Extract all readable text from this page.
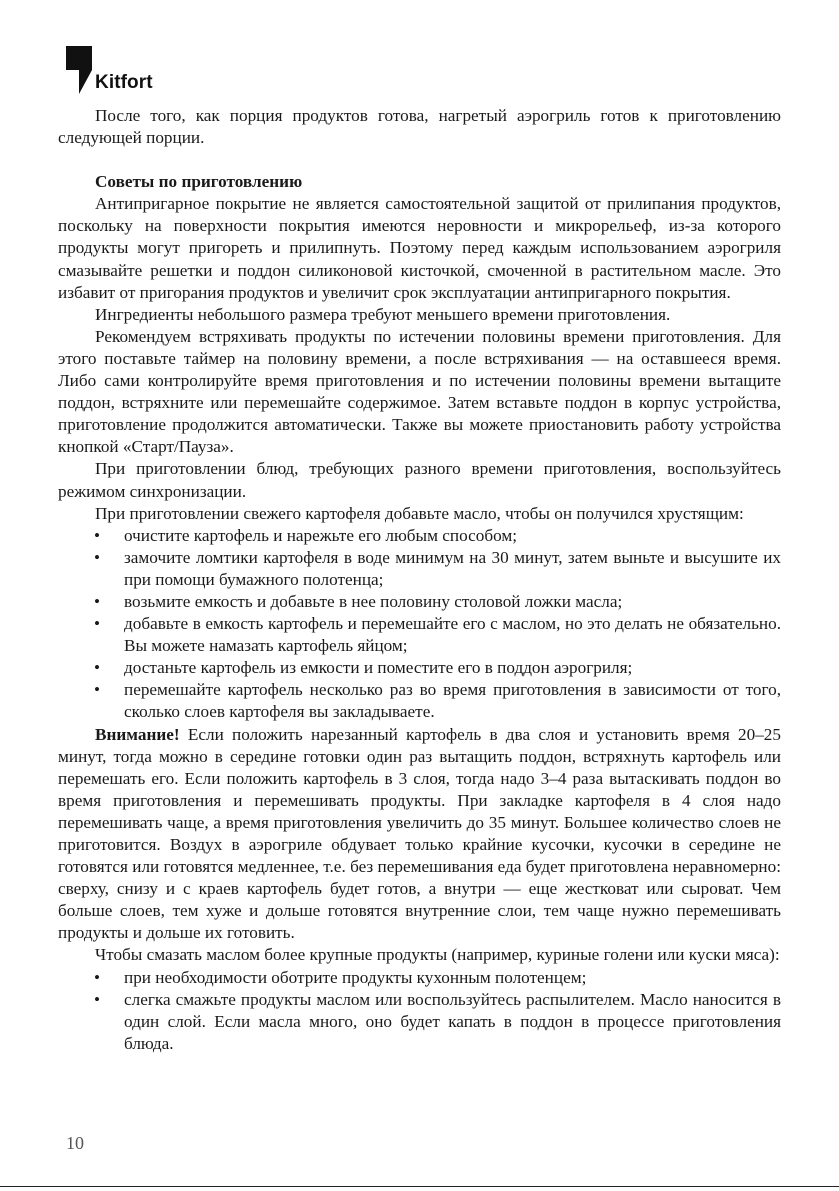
Kitfort

После того, как порция продуктов готова, нагретый аэрогриль готов к приготовлению следующей порции.

Советы по приготовлению

Антипригарное покрытие не является самостоятельной защитой от прилипания продуктов, поскольку на поверхности покрытия имеются неровности и микрорельеф, из-за которого продукты могут пригореть и прилипнуть. Поэтому перед каждым использованием аэрогриля смазывайте решетки и поддон силиконовой кисточкой, смоченной в растительном масле. Это избавит от пригорания продуктов и увеличит срок эксплуатации антипригарного покрытия.

Ингредиенты небольшого размера требуют меньшего времени приготовления.

Рекомендуем встряхивать продукты по истечении половины времени приготовления. Для этого поставьте таймер на половину времени, а после встряхивания — на оставшееся время. Либо сами контролируйте время приготовления и по истечении половины времени вытащите поддон, встряхните или перемешайте содержимое. Затем вставьте поддон в корпус устройства, приготовление продолжится автоматически. Также вы можете приостановить работу устройства кнопкой «Старт/Пауза».

При приготовлении блюд, требующих разного времени приготовления, воспользуйтесь режимом синхронизации.

При приготовлении свежего картофеля добавьте масло, чтобы он получился хрустящим:

• очистите картофель и нарежьте его любым способом;
• замочите ломтики картофеля в воде минимум на 30 минут, затем выньте и высушите их при помощи бумажного полотенца;
• возьмите емкость и добавьте в нее половину столовой ложки масла;
• добавьте в емкость картофель и перемешайте его с маслом, но это делать не обязательно. Вы можете намазать картофель яйцом;
• достаньте картофель из емкости и поместите его в поддон аэрогриля;
• перемешайте картофель несколько раз во время приготовления в зависимости от того, сколько слоев картофеля вы закладываете.

Внимание! Если положить нарезанный картофель в два слоя и установить время 20–25 минут, тогда можно в середине готовки один раз вытащить поддон, встряхнуть картофель или перемешать его. Если положить картофель в 3 слоя, тогда надо 3–4 раза вытаскивать поддон во время приготовления и перемешивать продукты. При закладке картофеля в 4 слоя надо перемешивать чаще, а время приготовления увеличить до 35 минут. Большее количество слоев не приготовится. Воздух в аэрогриле обдувает только крайние кусочки, кусочки в середине не готовятся или готовятся медленнее, т.е. без перемешивания еда будет приготовлена неравномерно: сверху, снизу и с краев картофель будет готов, а внутри — еще жестковат или сыроват. Чем больше слоев, тем хуже и дольше готовятся внутренние слои, тем чаще нужно перемешивать продукты и дольше их готовить.

Чтобы смазать маслом более крупные продукты (например, куриные голени или куски мяса):

• при необходимости оботрите продукты кухонным полотенцем;
• слегка смажьте продукты маслом или воспользуйтесь распылителем. Масло наносится в один слой. Если масла много, оно будет капать в поддон в процессе приготовления блюда.
10
